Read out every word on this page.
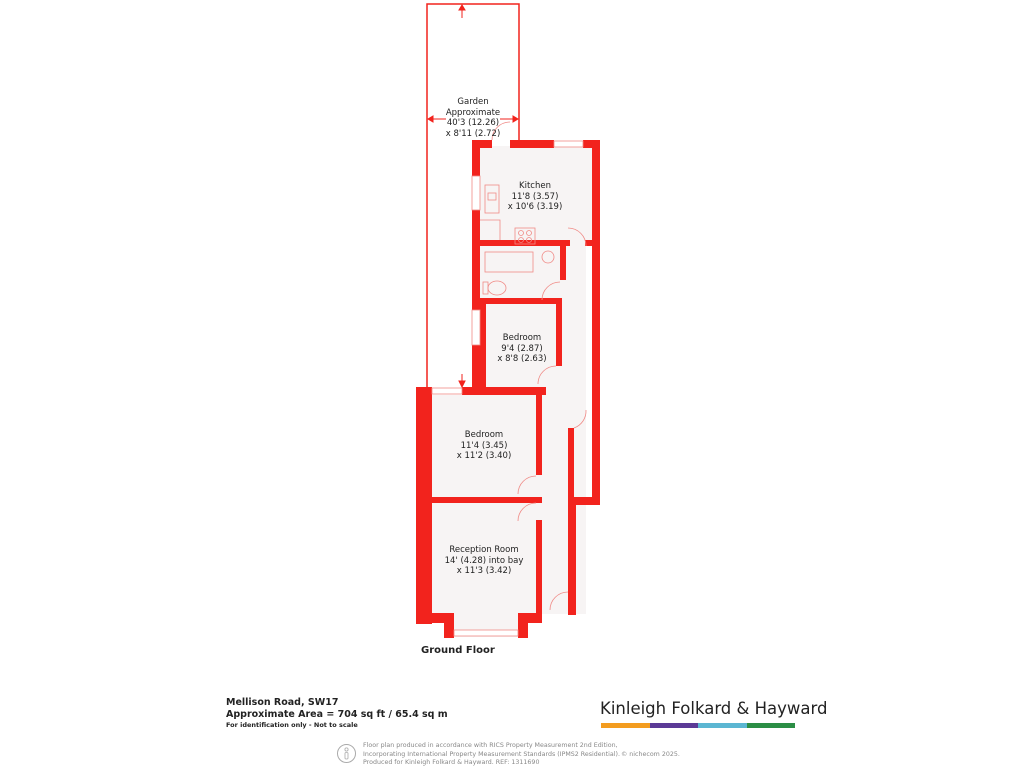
Garden
Approximate
40'3 (12.26)
x 8'11 (2.72)
Kitchen
11'8 (3.57)
x 10'6 (3.19)
Bedroom
9'4 (2.87)
x 8'8 (2.63)
Bedroom
11'4 (3.45)
x 11'2 (3.40)
Reception Room
14' (4.28) into bay
x 11'3 (3.42)
Ground Floor
Mellison Road, SW17
Approximate Area = 704 sq ft / 65.4 sq m
For identification only - Not to scale
Kinleigh Folkard & Hayward
Floor plan produced in accordance with RICS Property Measurement 2nd Edition,
Incorporating International Property Measurement Standards (IPMS2 Residential).
Produced for Kinleigh Folkard & Hayward. REF: 1311690
© nichecom 2025.
